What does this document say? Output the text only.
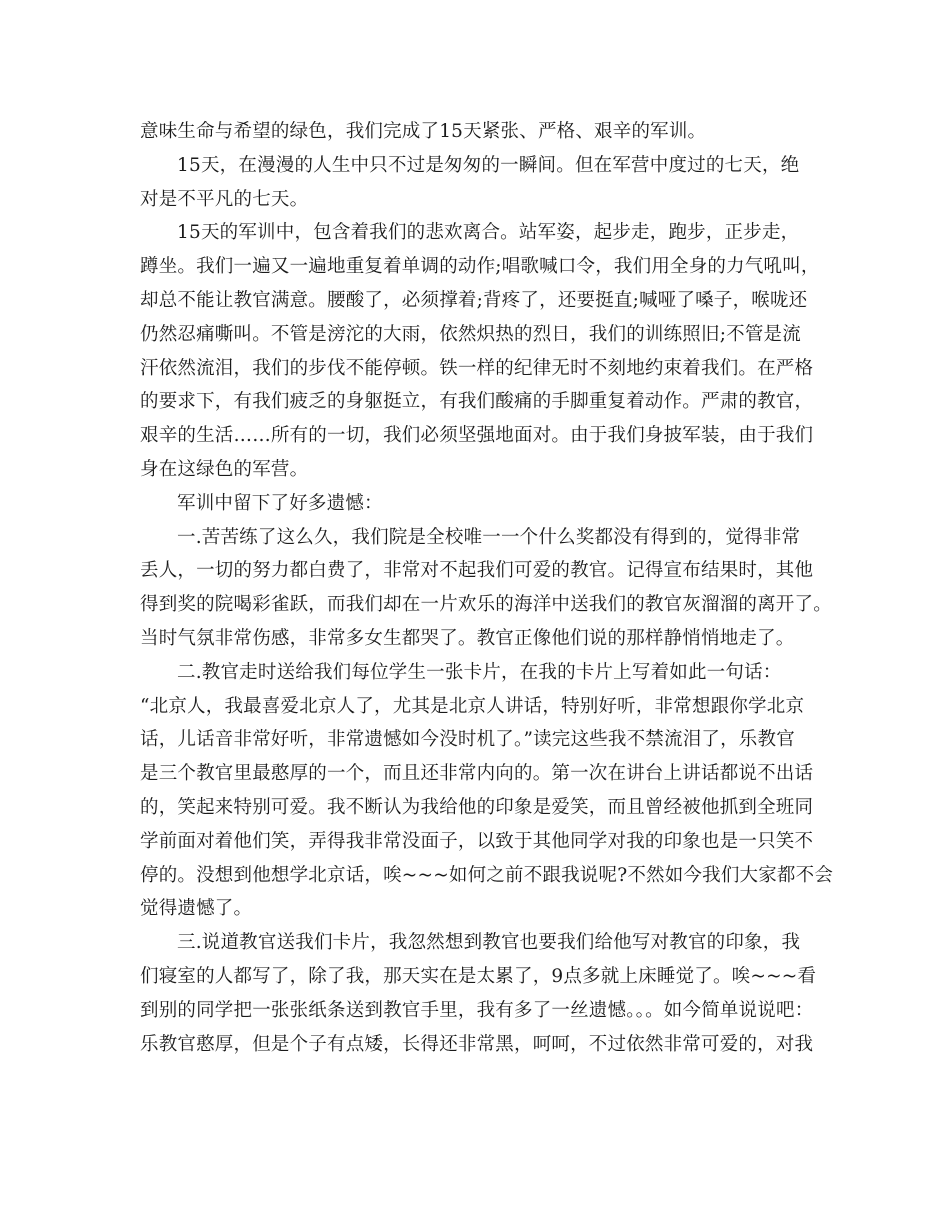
意味生命与希望的绿色，我们完成了15天紧张、严格、艰辛的军训。
15天，在漫漫的人生中只不过是匆匆的一瞬间。但在军营中度过的七天，绝
对是不平凡的七天。
15天的军训中，包含着我们的悲欢离合。站军姿，起步走，跑步，正步走，
蹲坐。我们一遍又一遍地重复着单调的动作;唱歌喊口令，我们用全身的力气吼叫，
却总不能让教官满意。腰酸了，必须撑着;背疼了，还要挺直;喊哑了嗓子，喉咙还
仍然忍痛嘶叫。不管是滂沱的大雨，依然炽热的烈日，我们的训练照旧;不管是流
汗依然流泪，我们的步伐不能停顿。铁一样的纪律无时不刻地约束着我们。在严格
的要求下，有我们疲乏的身躯挺立，有我们酸痛的手脚重复着动作。严肃的教官，
艰辛的生活……所有的一切，我们必须坚强地面对。由于我们身披军装，由于我们
身在这绿色的军营。
军训中留下了好多遗憾：
一.苦苦练了这么久，我们院是全校唯一一个什么奖都没有得到的，觉得非常
丢人，一切的努力都白费了，非常对不起我们可爱的教官。记得宣布结果时，其他
得到奖的院喝彩雀跃，而我们却在一片欢乐的海洋中送我们的教官灰溜溜的离开了。
当时气氛非常伤感，非常多女生都哭了。教官正像他们说的那样静悄悄地走了。
二.教官走时送给我们每位学生一张卡片，在我的卡片上写着如此一句话：
“北京人，我最喜爱北京人了，尤其是北京人讲话，特别好听，非常想跟你学北京
话，儿话音非常好听，非常遗憾如今没时机了。”读完这些我不禁流泪了，乐教官
是三个教官里最憨厚的一个，而且还非常内向的。第一次在讲台上讲话都说不出话
的，笑起来特别可爱。我不断认为我给他的印象是爱笑，而且曾经被他抓到全班同
学前面对着他们笑，弄得我非常没面子，以致于其他同学对我的印象也是一只笑不
停的。没想到他想学北京话，唉~~~如何之前不跟我说呢?不然如今我们大家都不会
觉得遗憾了。
三.说道教官送我们卡片，我忽然想到教官也要我们给他写对教官的印象，我
们寝室的人都写了，除了我，那天实在是太累了，9点多就上床睡觉了。唉~~~看
到别的同学把一张张纸条送到教官手里，我有多了一丝遗憾。。。如今简单说说吧：
乐教官憨厚，但是个子有点矮，长得还非常黑，呵呵，不过依然非常可爱的，对我
